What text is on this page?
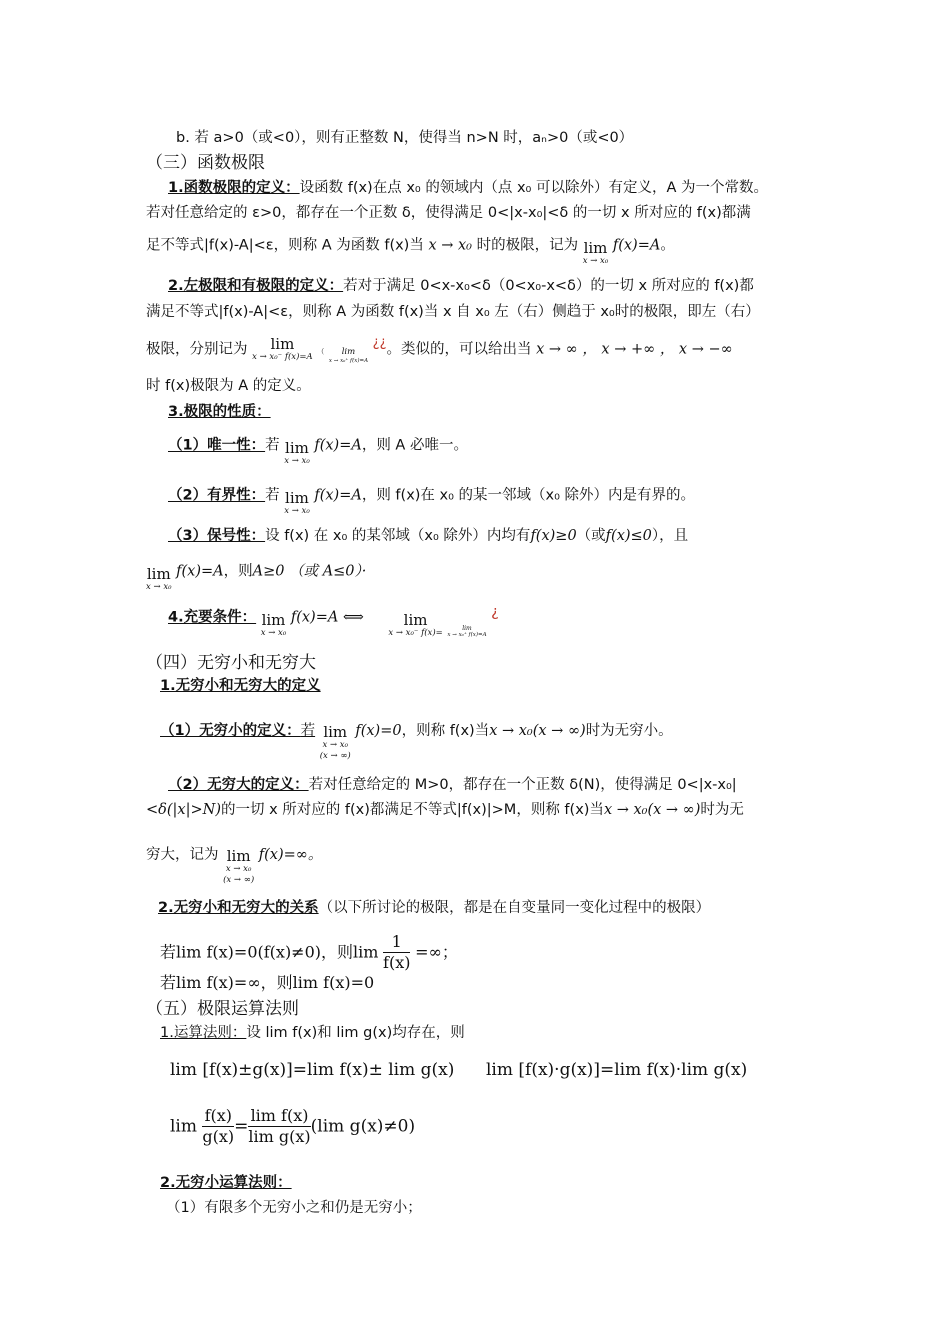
b. 若 a>0（或<0），则有正整数 N，使得当 n>N 时，aₙ>0（或<0）
（三）函数极限
1.函数极限的定义：设函数 f(x)在点 x₀ 的领域内（点 x₀ 可以除外）有定义，A 为一个常数。
若对任意给定的 ε>0，都存在一个正数 δ，使得满足 0<|x-x₀|<δ 的一切 x 所对应的 f(x)都满
足不等式|f(x)-A|<ε，则称 A 为函数 f(x)当 x → x₀ 时的极限，记为 lim
x → x₀
f(x)=A。
2.左极限和有极限的定义：若对于满足 0<x-x₀<δ（0<x₀-x<δ）的一切 x 所对应的 f(x)都
满足不等式|f(x)-A|<ε，则称 A 为函数 f(x)当 x 自 x₀ 左（右）侧趋于 x₀时的极限，即左（右）
极限，分别记为	lim
x → x₀⁻ f(x)=A
（	lim
x → x₀⁺ f(x)=A
¿¿。类似的，可以给出当 x → ∞ ， x → +∞ ， x → −∞
时 f(x)极限为 A 的定义。
3.极限的性质：
（1）唯一性：若 lim
x → x₀
f(x)=A，则 A 必唯一。
（2）有界性：若 lim
x → x₀
f(x)=A，则 f(x)在 x₀ 的某一邻域（x₀ 除外）内是有界的。
（3）保号性：设 f(x) 在 x₀ 的某邻域（x₀ 除外）内均有f(x)≥0（或f(x)≤0），且
lim
x → x₀
f(x)=A，则A≥0 （或 A≤0）·
4.充要条件： lim
x → x₀
f(x)=A ⟺	lim
x → x₀⁻ f(x)=
	lim
x → x₀⁺ f(x)=A
¿
（四）无穷小和无穷大
1.无穷小和无穷大的定义
（1）无穷小的定义：若 lim
x → x₀
(x → ∞)
f(x)=0，则称 f(x)当x → x₀(x → ∞)时为无穷小。
（2）无穷大的定义：若对任意给定的 M>0，都存在一个正数 δ(N)，使得满足 0<|x-x₀|
<δ(|x|>N)的一切 x 所对应的 f(x)都满足不等式|f(x)|>M，则称 f(x)当x → x₀(x → ∞)时为无
穷大，记为 lim
x → x₀
(x → ∞)
f(x)=∞。
2.无穷小和无穷大的关系（以下所讨论的极限，都是在自变量同一变化过程中的极限）
若lim f(x)=0(f(x)≠0)，则$\lim \frac{1}{f(x)}$ =∞；
若lim f(x)=∞，则lim f(x)=0
（五）极限运算法则
1.运算法则：设 lim f(x)和 lim g(x)均存在，则
lim [f(x)±g(x)]=lim f(x)± lim g(x) lim [f(x)·g(x)]=lim f(x)·lim g(x)
$\lim \frac{f(x)}{g(x)} = \frac{\text{lim f(x)}}{\text{lim g(x)}} (\lim$ g(x)≠0)
2.无穷小运算法则：
（1）有限多个无穷小之和仍是无穷小；
